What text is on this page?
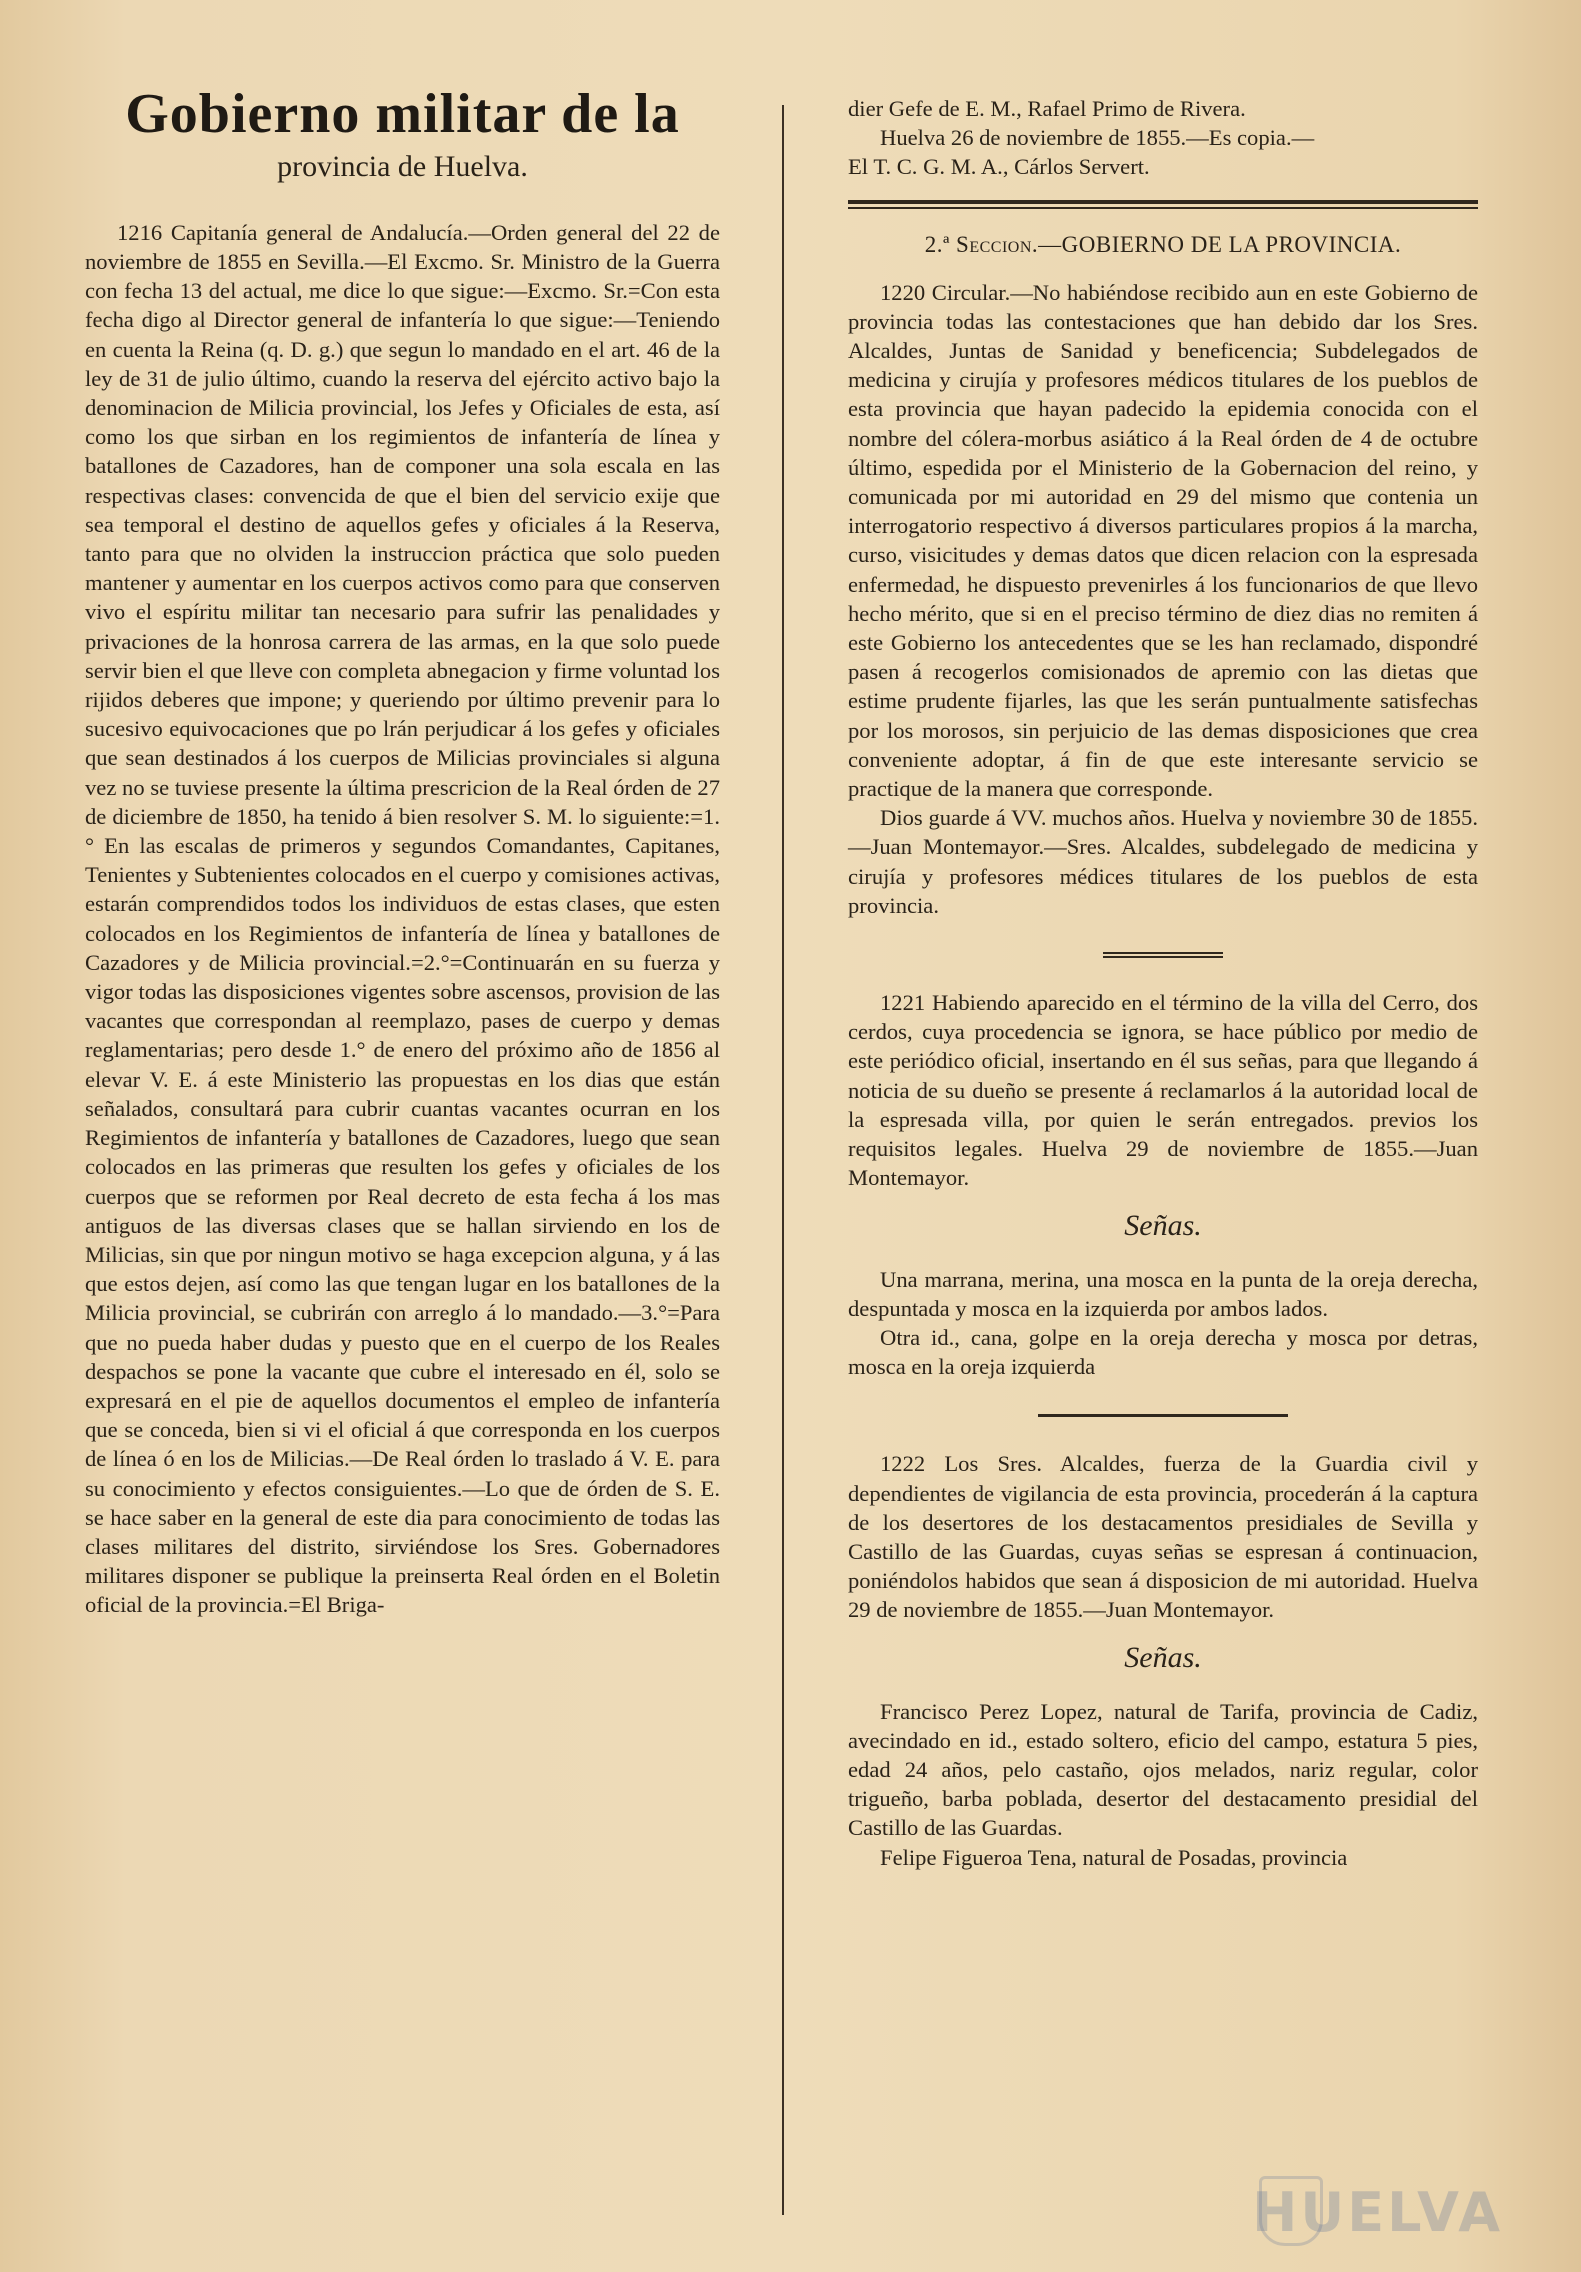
Gobierno militar de la
provincia de Huelva.

1216 Capitanía general de Andalucía.—Orden general del 22 de noviembre de 1855 en Sevilla.—El Excmo. Sr. Ministro de la Guerra con fecha 13 del actual, me dice lo que sigue:—Excmo. Sr.=Con esta fecha digo al Director general de infantería lo que sigue:—Teniendo en cuenta la Reina (q. D. g.) que segun lo mandado en el art. 46 de la ley de 31 de julio último, cuando la reserva del ejército activo bajo la denominacion de Milicia provincial, los Jefes y Oficiales de esta, así como los que sirban en los regimientos de infantería de línea y batallones de Cazadores, han de componer una sola escala en las respectivas clases: convencida de que el bien del servicio exije que sea temporal el destino de aquellos gefes y oficiales á la Reserva, tanto para que no olviden la instruccion práctica que solo pueden mantener y aumentar en los cuerpos activos como para que conserven vivo el espíritu militar tan necesario para sufrir las penalidades y privaciones de la honrosa carrera de las armas, en la que solo puede servir bien el que lleve con completa abnegacion y firme voluntad los rijidos deberes que impone; y queriendo por último prevenir para lo sucesivo equivocaciones que po lrán perjudicar á los gefes y oficiales que sean destinados á los cuerpos de Milicias provinciales si alguna vez no se tuviese presente la última prescricion de la Real órden de 27 de diciembre de 1850, ha tenido á bien resolver S. M. lo siguiente:=1.° En las escalas de primeros y segundos Comandantes, Capitanes, Tenientes y Subtenientes colocados en el cuerpo y comisiones activas, estarán comprendidos todos los individuos de estas clases, que esten colocados en los Regimientos de infantería de línea y batallones de Cazadores y de Milicia provincial.=2.°=Continuarán en su fuerza y vigor todas las disposiciones vigentes sobre ascensos, provision de las vacantes que correspondan al reemplazo, pases de cuerpo y demas reglamentarias; pero desde 1.° de enero del próximo año de 1856 al elevar V. E. á este Ministerio las propuestas en los dias que están señalados, consultará para cubrir cuantas vacantes ocurran en los Regimientos de infantería y batallones de Cazadores, luego que sean colocados en las primeras que resulten los gefes y oficiales de los cuerpos que se reformen por Real decreto de esta fecha á los mas antiguos de las diversas clases que se hallan sirviendo en los de Milicias, sin que por ningun motivo se haga excepcion alguna, y á las que estos dejen, así como las que tengan lugar en los batallones de la Milicia provincial, se cubrirán con arreglo á lo mandado.—3.°=Para que no pueda haber dudas y puesto que en el cuerpo de los Reales despachos se pone la vacante que cubre el interesado en él, solo se expresará en el pie de aquellos documentos el empleo de infantería que se conceda, bien si vi el oficial á que corresponda en los cuerpos de línea ó en los de Milicias.—De Real órden lo traslado á V. E. para su conocimiento y efectos consiguientes.—Lo que de órden de S. E. se hace saber en la general de este dia para conocimiento de todas las clases militares del distrito, sirviéndose los Sres. Gobernadores militares disponer se publique la preinserta Real órden en el Boletin oficial de la provincia.=El Briga-

dier Gefe de E. M., Rafael Primo de Rivera.

Huelva 26 de noviembre de 1855.—Es copia.—

El T. C. G. M. A., Cárlos Servert.

2.ª Seccion.—GOBIERNO DE LA PROVINCIA.

1220 Circular.—No habiéndose recibido aun en este Gobierno de provincia todas las contestaciones que han debido dar los Sres. Alcaldes, Juntas de Sanidad y beneficencia; Subdelegados de medicina y cirujía y profesores médicos titulares de los pueblos de esta provincia que hayan padecido la epidemia conocida con el nombre del cólera-morbus asiático á la Real órden de 4 de octubre último, espedida por el Ministerio de la Gobernacion del reino, y comunicada por mi autoridad en 29 del mismo que contenia un interrogatorio respectivo á diversos particulares propios á la marcha, curso, visicitudes y demas datos que dicen relacion con la espresada enfermedad, he dispuesto prevenirles á los funcionarios de que llevo hecho mérito, que si en el preciso término de diez dias no remiten á este Gobierno los antecedentes que se les han reclamado, dispondré pasen á recogerlos comisionados de apremio con las dietas que estime prudente fijarles, las que les serán puntualmente satisfechas por los morosos, sin perjuicio de las demas disposiciones que crea conveniente adoptar, á fin de que este interesante servicio se practique de la manera que corresponde.

Dios guarde á VV. muchos años. Huelva y noviembre 30 de 1855.—Juan Montemayor.—Sres. Alcaldes, subdelegado de medicina y cirujía y profesores médices titulares de los pueblos de esta provincia.

1221 Habiendo aparecido en el término de la villa del Cerro, dos cerdos, cuya procedencia se ignora, se hace público por medio de este periódico oficial, insertando en él sus señas, para que llegando á noticia de su dueño se presente á reclamarlos á la autoridad local de la espresada villa, por quien le serán entregados. previos los requisitos legales. Huelva 29 de noviembre de 1855.—Juan Montemayor.

Señas.

Una marrana, merina, una mosca en la punta de la oreja derecha, despuntada y mosca en la izquierda por ambos lados.

Otra id., cana, golpe en la oreja derecha y mosca por detras, mosca en la oreja izquierda

1222 Los Sres. Alcaldes, fuerza de la Guardia civil y dependientes de vigilancia de esta provincia, procederán á la captura de los desertores de los destacamentos presidiales de Sevilla y Castillo de las Guardas, cuyas señas se espresan á continuacion, poniéndolos habidos que sean á disposicion de mi autoridad. Huelva 29 de noviembre de 1855.—Juan Montemayor.

Señas.

Francisco Perez Lopez, natural de Tarifa, provincia de Cadiz, avecindado en id., estado soltero, eficio del campo, estatura 5 pies, edad 24 años, pelo castaño, ojos melados, nariz regular, color trigueño, barba poblada, desertor del destacamento presidial del Castillo de las Guardas.

Felipe Figueroa Tena, natural de Posadas, provincia

HUELVA
